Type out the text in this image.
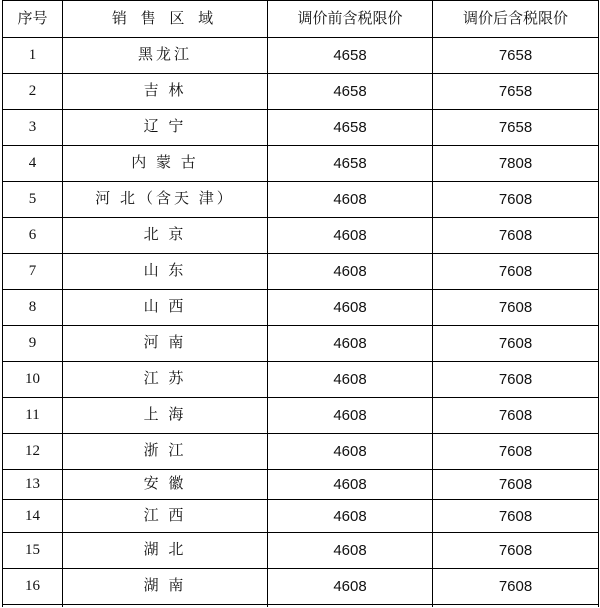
序号	销 售 区 域	调价前含税限价	调价后含税限价
1	黑龙江	4658	7658
2	吉 林	4658	7658
3	辽 宁	4658	7658
4	内 蒙 古	4658	7808
5	河 北（含天 津）	4608	7608
6	北 京	4608	7608
7	山 东	4608	7608
8	山 西	4608	7608
9	河 南	4608	7608
10	江 苏	4608	7608
11	上 海	4608	7608
12	浙 江	4608	7608
13	安 徽	4608	7608
14	江 西	4608	7608
15	湖 北	4608	7608
16	湖 南	4608	7608
